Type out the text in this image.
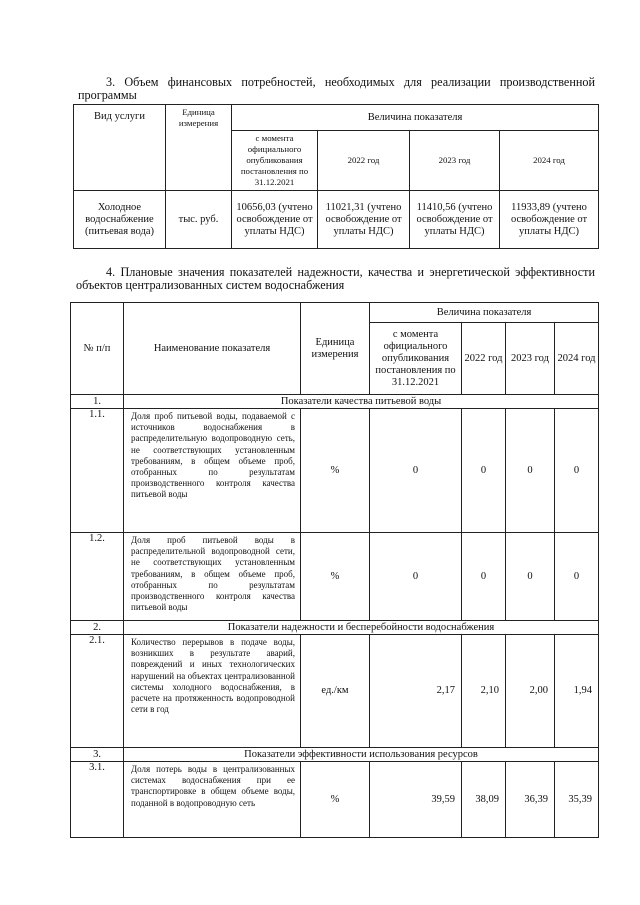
3. Объем финансовых потребностей, необходимых для реализации производственной программы
Вид услуги	Единица измерения	Величина показателя			
		с момента официального опубликования постановления по 31.12.2021	2022 год	2023 год	2024 год
Холодное водоснабжение (питьевая вода)	тыс. руб.	10656,03 (учтено освобождение от уплаты НДС)	11021,31 (учтено освобождение от уплаты НДС)	11410,56 (учтено освобождение от уплаты НДС)	11933,89 (учтено освобождение от уплаты НДС)
4. Плановые значения показателей надежности, качества и энергетической эффективности объектов централизованных систем водоснабжения
№ п/п	Наименование показателя	Единица измерения	Величина показателя			
			с момента официального опубликования постановления по 31.12.2021	2022 год	2023 год	2024 год
1.	Показатели качества питьевой воды					
1.1.	Доля проб питьевой воды, подаваемой с источников водоснабжения в распределительную водопроводную сеть, не соответствующих установленным требованиям, в общем объеме проб, отобранных по результатам производственного контроля качества питьевой воды	%	0	0	0	0
1.2.	Доля проб питьевой воды в распределительной водопроводной сети, не соответствующих установленным требованиям, в общем объеме проб, отобранных по результатам производственного контроля качества питьевой воды	%	0	0	0	0
2.	Показатели надежности и бесперебойности водоснабжения					
2.1.	Количество перерывов в подаче воды, возникших в результате аварий, повреждений и иных технологических нарушений на объектах централизованной системы холодного водоснабжения, в расчете на протяженность водопроводной сети в год	ед./км	2,17	2,10	2,00	1,94
3.	Показатели эффективности использования ресурсов					
3.1.	Доля потерь воды в централизованных системах водоснабжения при ее транспортировке в общем объеме воды, поданной в водопроводную сеть	%	39,59	38,09	36,39	35,39
